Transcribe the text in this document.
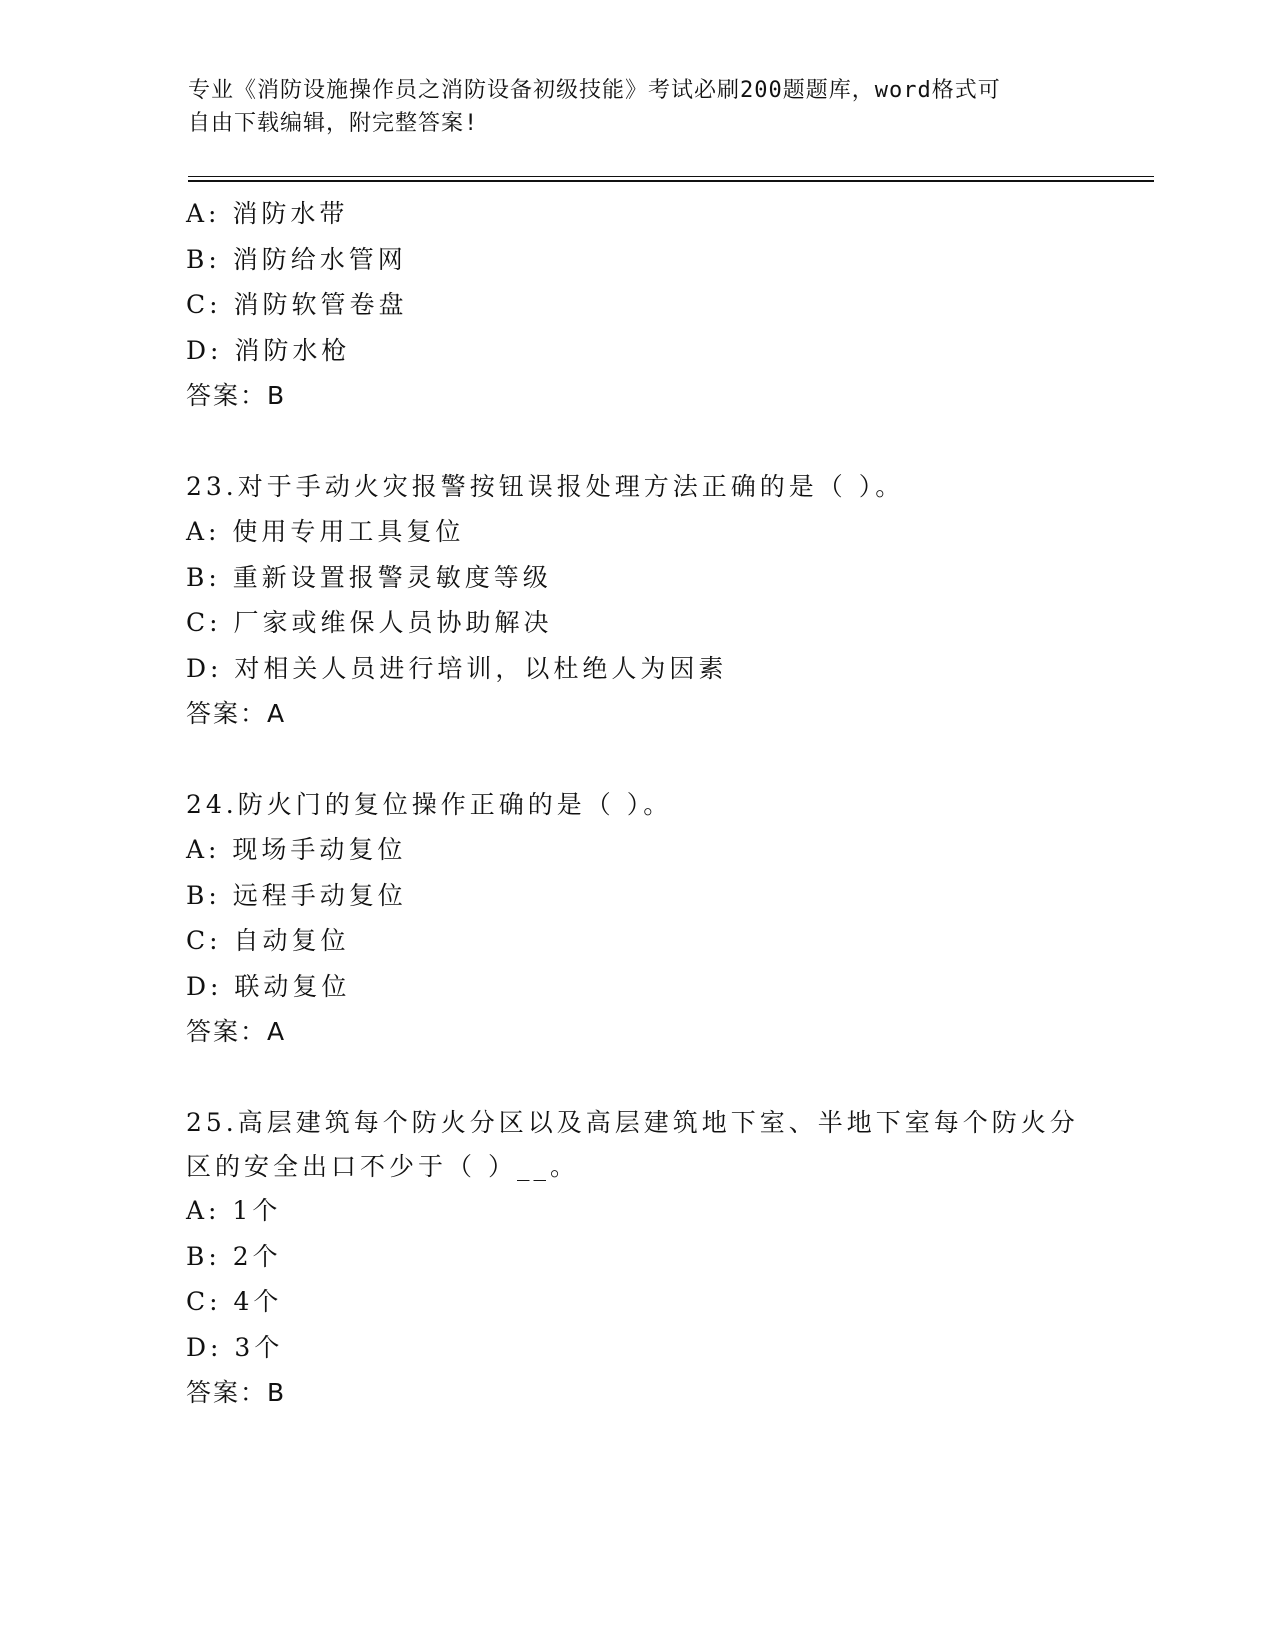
专业《消防设施操作员之消防设备初级技能》考试必刷200题题库，word格式可
自由下载编辑，附完整答案!
A: 消防水带
B: 消防给水管网
C: 消防软管卷盘
D: 消防水枪
答案：B
23.对于手动火灾报警按钮误报处理方法正确的是（ ）。
A: 使用专用工具复位
B: 重新设置报警灵敏度等级
C: 厂家或维保人员协助解决
D: 对相关人员进行培训，以杜绝人为因素
答案：A
24.防火门的复位操作正确的是（ ）。
A: 现场手动复位
B: 远程手动复位
C: 自动复位
D: 联动复位
答案：A
25.高层建筑每个防火分区以及高层建筑地下室、半地下室每个防火分
区的安全出口不少于（ ）__。
A: 1个
B: 2个
C: 4个
D: 3个
答案：B
